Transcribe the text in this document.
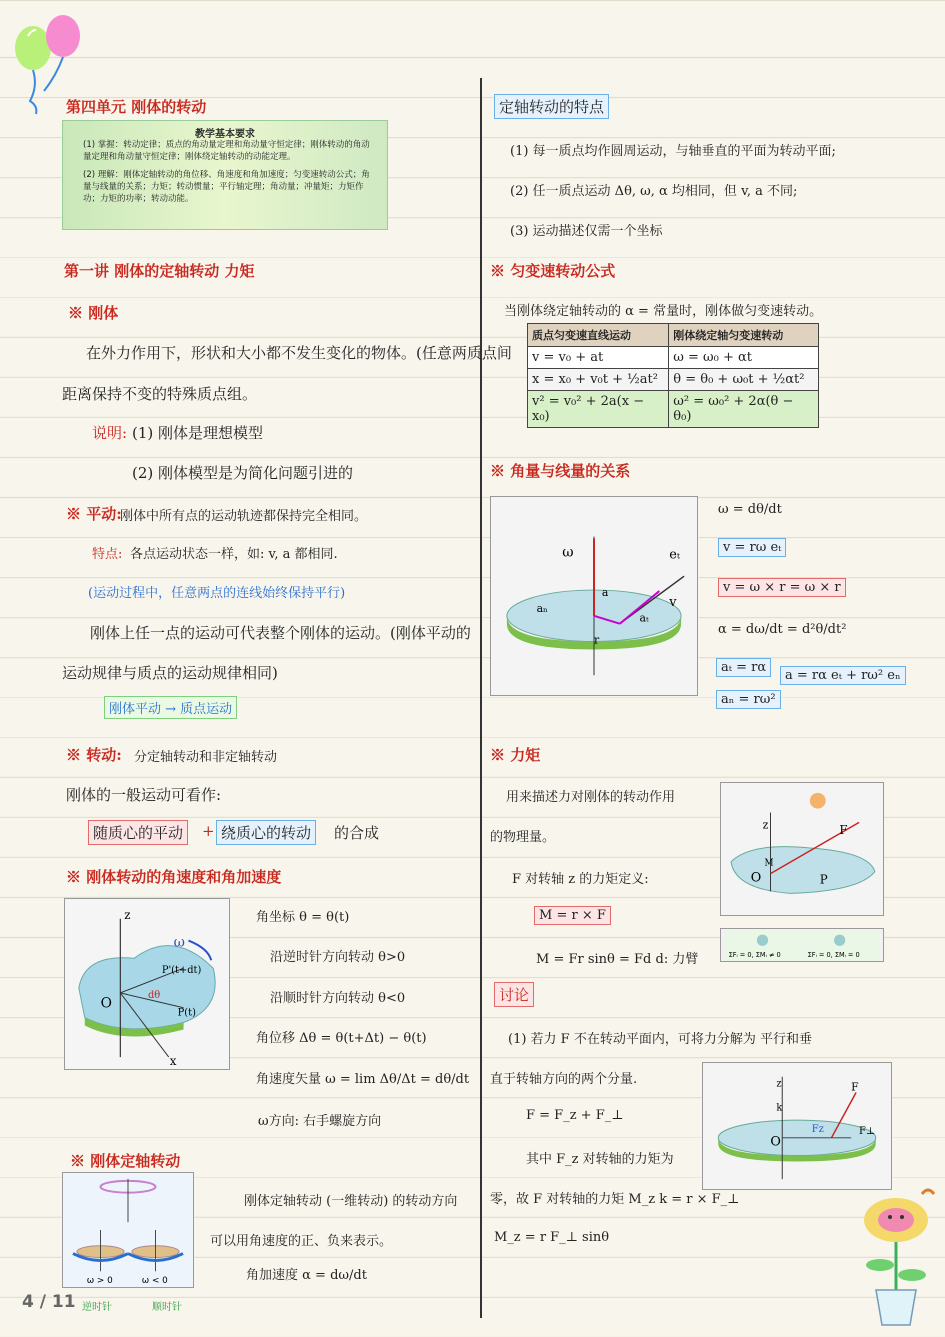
第四单元 刚体的转动
教学基本要求
(1) 掌握：转动定律；质点的角动量定理和角动量守恒定律；刚体转动的角动量定理和角动量守恒定律；刚体绕定轴转动的动能定理。
(2) 理解：刚体定轴转动的角位移、角速度和角加速度；匀变速转动公式；角量与线量的关系；力矩；转动惯量；平行轴定理；角动量；冲量矩；力矩作功；力矩的功率；转动动能。
第一讲 刚体的定轴转动 力矩
※ 刚体
在外力作用下，形状和大小都不发生变化的物体。(任意两质点间
距离保持不变的特殊质点组。
说明: (1) 刚体是理想模型
(2) 刚体模型是为简化问题引进的
※ 平动:
刚体中所有点的运动轨迹都保持完全相同。
特点: 各点运动状态一样，如: v, a 都相同.
(运动过程中，任意两点的连线始终保持平行)
刚体上任一点的运动可代表整个刚体的运动。(刚体平动的
运动规律与质点的运动规律相同)
刚体平动 → 质点运动
※ 转动: 分定轴转动和非定轴转动
刚体的一般运动可看作:
随质心的平动	+ 绕质心的转动	的合成
※ 刚体转动的角速度和角加速度
z
x
O
P'(t+dt)
P(t)
dθ
ω
角坐标 θ = θ(t)
沿逆时针方向转动 θ>0
沿顺时针方向转动 θ<0
角位移 Δθ = θ(t+Δt) − θ(t)
角速度矢量 ω = lim Δθ/Δt = dθ/dt
ω方向: 右手螺旋方向
※ 刚体定轴转动
ω > 0	ω < 0
逆时针	顺时针
刚体定轴转动 (一维转动) 的转动方向
可以用角速度的正、负来表示。
角加速度 α = dω/dt
4 / 11
定轴转动的特点
(1) 每一质点均作圆周运动，与轴垂直的平面为转动平面;
(2) 任一质点运动 Δθ, ω, α 均相同，但 v, a 不同;
(3) 运动描述仅需一个坐标
※ 匀变速转动公式
当刚体绕定轴转动的 α = 常量时，刚体做匀变速转动。
质点匀变速直线运动	刚体绕定轴匀变速转动
v = v₀ + at	ω = ω₀ + αt
x = x₀ + v₀t + ½at²	θ = θ₀ + ω₀t + ½αt²
v² = v₀² + 2a(x − x₀)	ω² = ω₀² + 2α(θ − θ₀)
※ 角量与线量的关系
ω	eₜ
v
aₙ
aₜ
a
r
ω = dθ/dt
v = rω eₜ
v = ω × r = ω × r
α = dω/dt = d²θ/dt²
aₜ = rα
aₙ = rω²
a = rα eₜ + rω² eₙ
※ 力矩
用来描述力对刚体的转动作用
的物理量。
F 对转轴 z 的力矩定义:
M = r × F
M = Fr sinθ = Fd d: 力臂
z	F
O	P
M
ΣFᵢ = 0, ΣMᵢ ≠ 0	ΣFᵢ = 0, ΣMᵢ = 0
讨论
(1) 若力 F 不在转动平面内，可将力分解为 平行和垂
直于转轴方向的两个分量.
F = F_z + F_⊥
其中 F_z 对转轴的力矩为
零，故 F 对转轴的力矩 M_z k = r × F_⊥
M_z = r F_⊥ sinθ
z
O
F
Fz	F⊥
k
